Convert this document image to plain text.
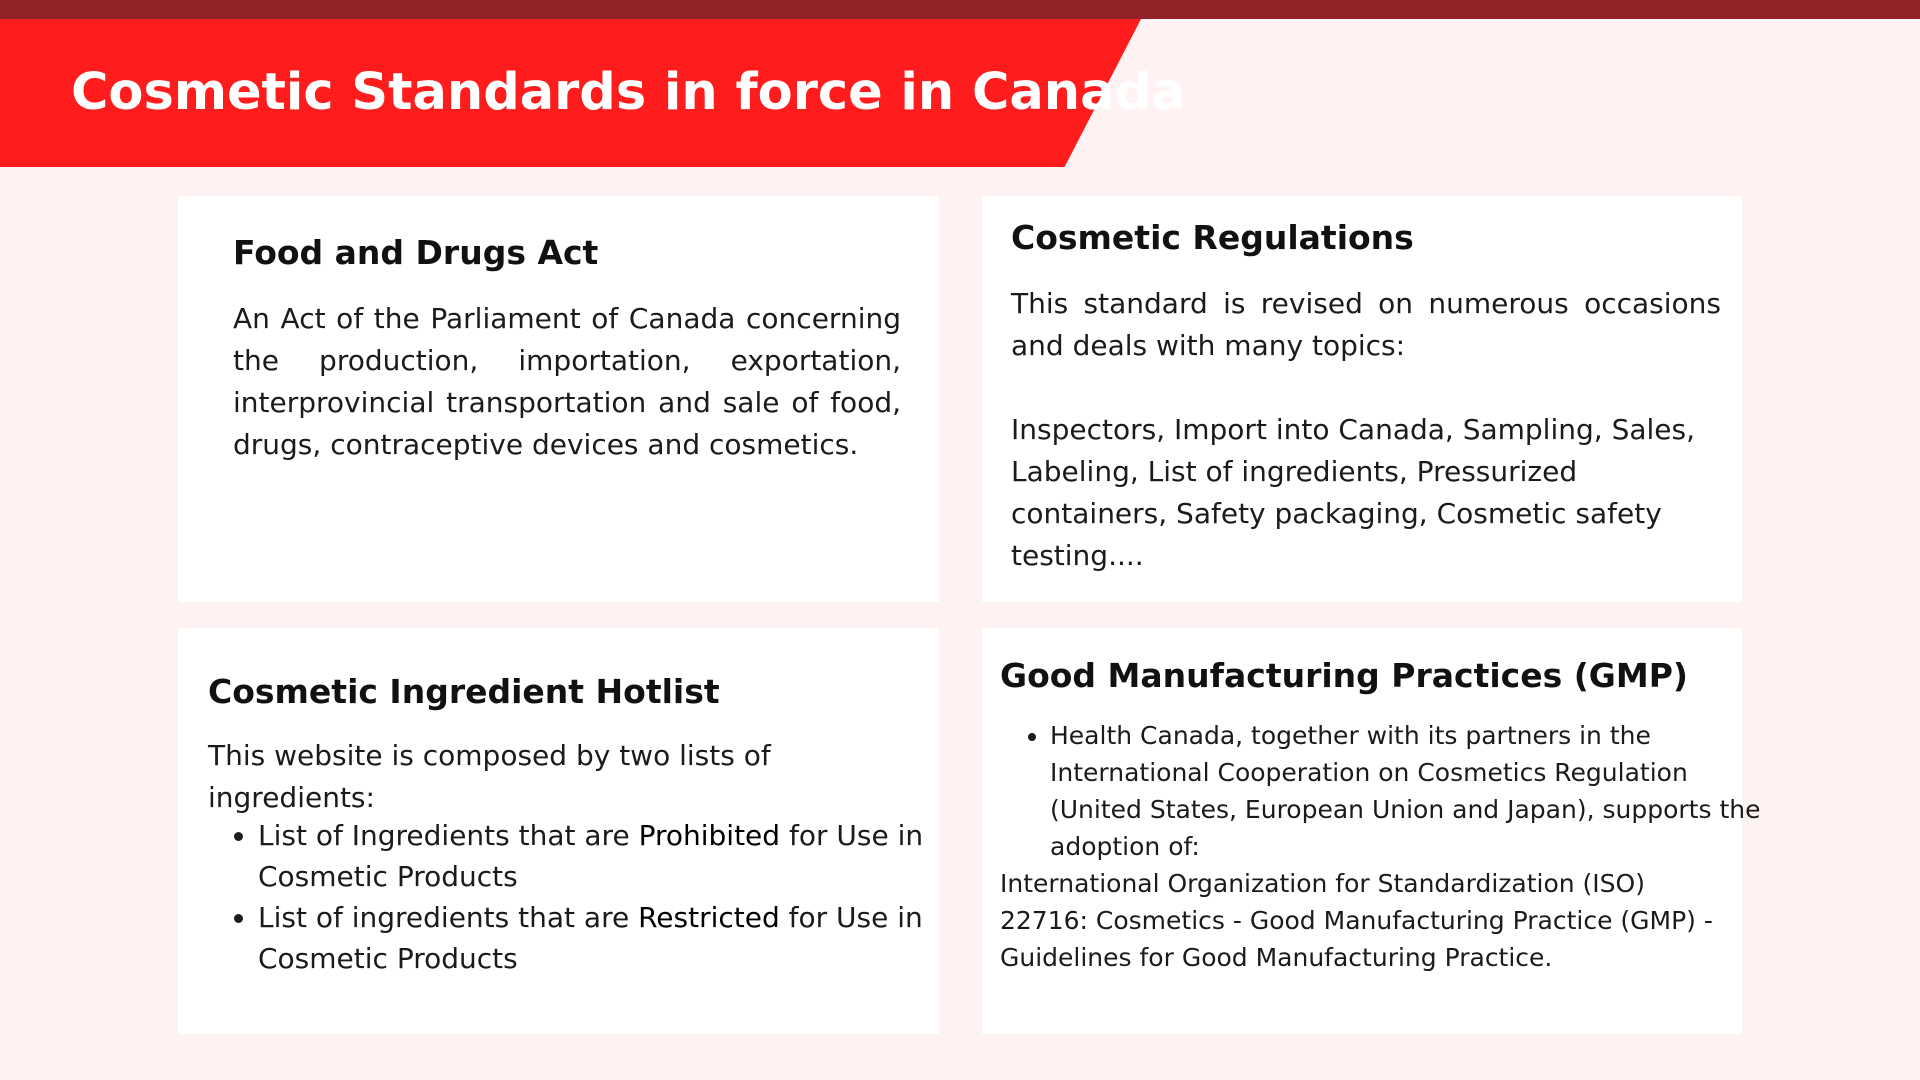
Cosmetic Standards in force in Canada
Food and Drugs Act

An Act of the Parliament of Canada concerning the production, importation, exportation, interprovincial transportation and sale of food, drugs, contraceptive devices and cosmetics.

Cosmetic Regulations

This standard is revised on numerous occasions and deals with many topics:

Inspectors, Import into Canada, Sampling, Sales, Labeling, List of ingredients, Pressurized containers, Safety packaging, Cosmetic safety testing....

Cosmetic Ingredient Hotlist

This website is composed by two lists of ingredients:

• List of Ingredients that are Prohibited for Use in Cosmetic Products
• List of ingredients that are Restricted for Use in Cosmetic Products
Good Manufacturing Practices (GMP)
• Health Canada, together with its partners in the International Cooperation on Cosmetics Regulation (United States, European Union and Japan), supports the adoption of:

International Organization for Standardization (ISO) 22716: Cosmetics - Good Manufacturing Practice (GMP) - Guidelines for Good Manufacturing Practice.
